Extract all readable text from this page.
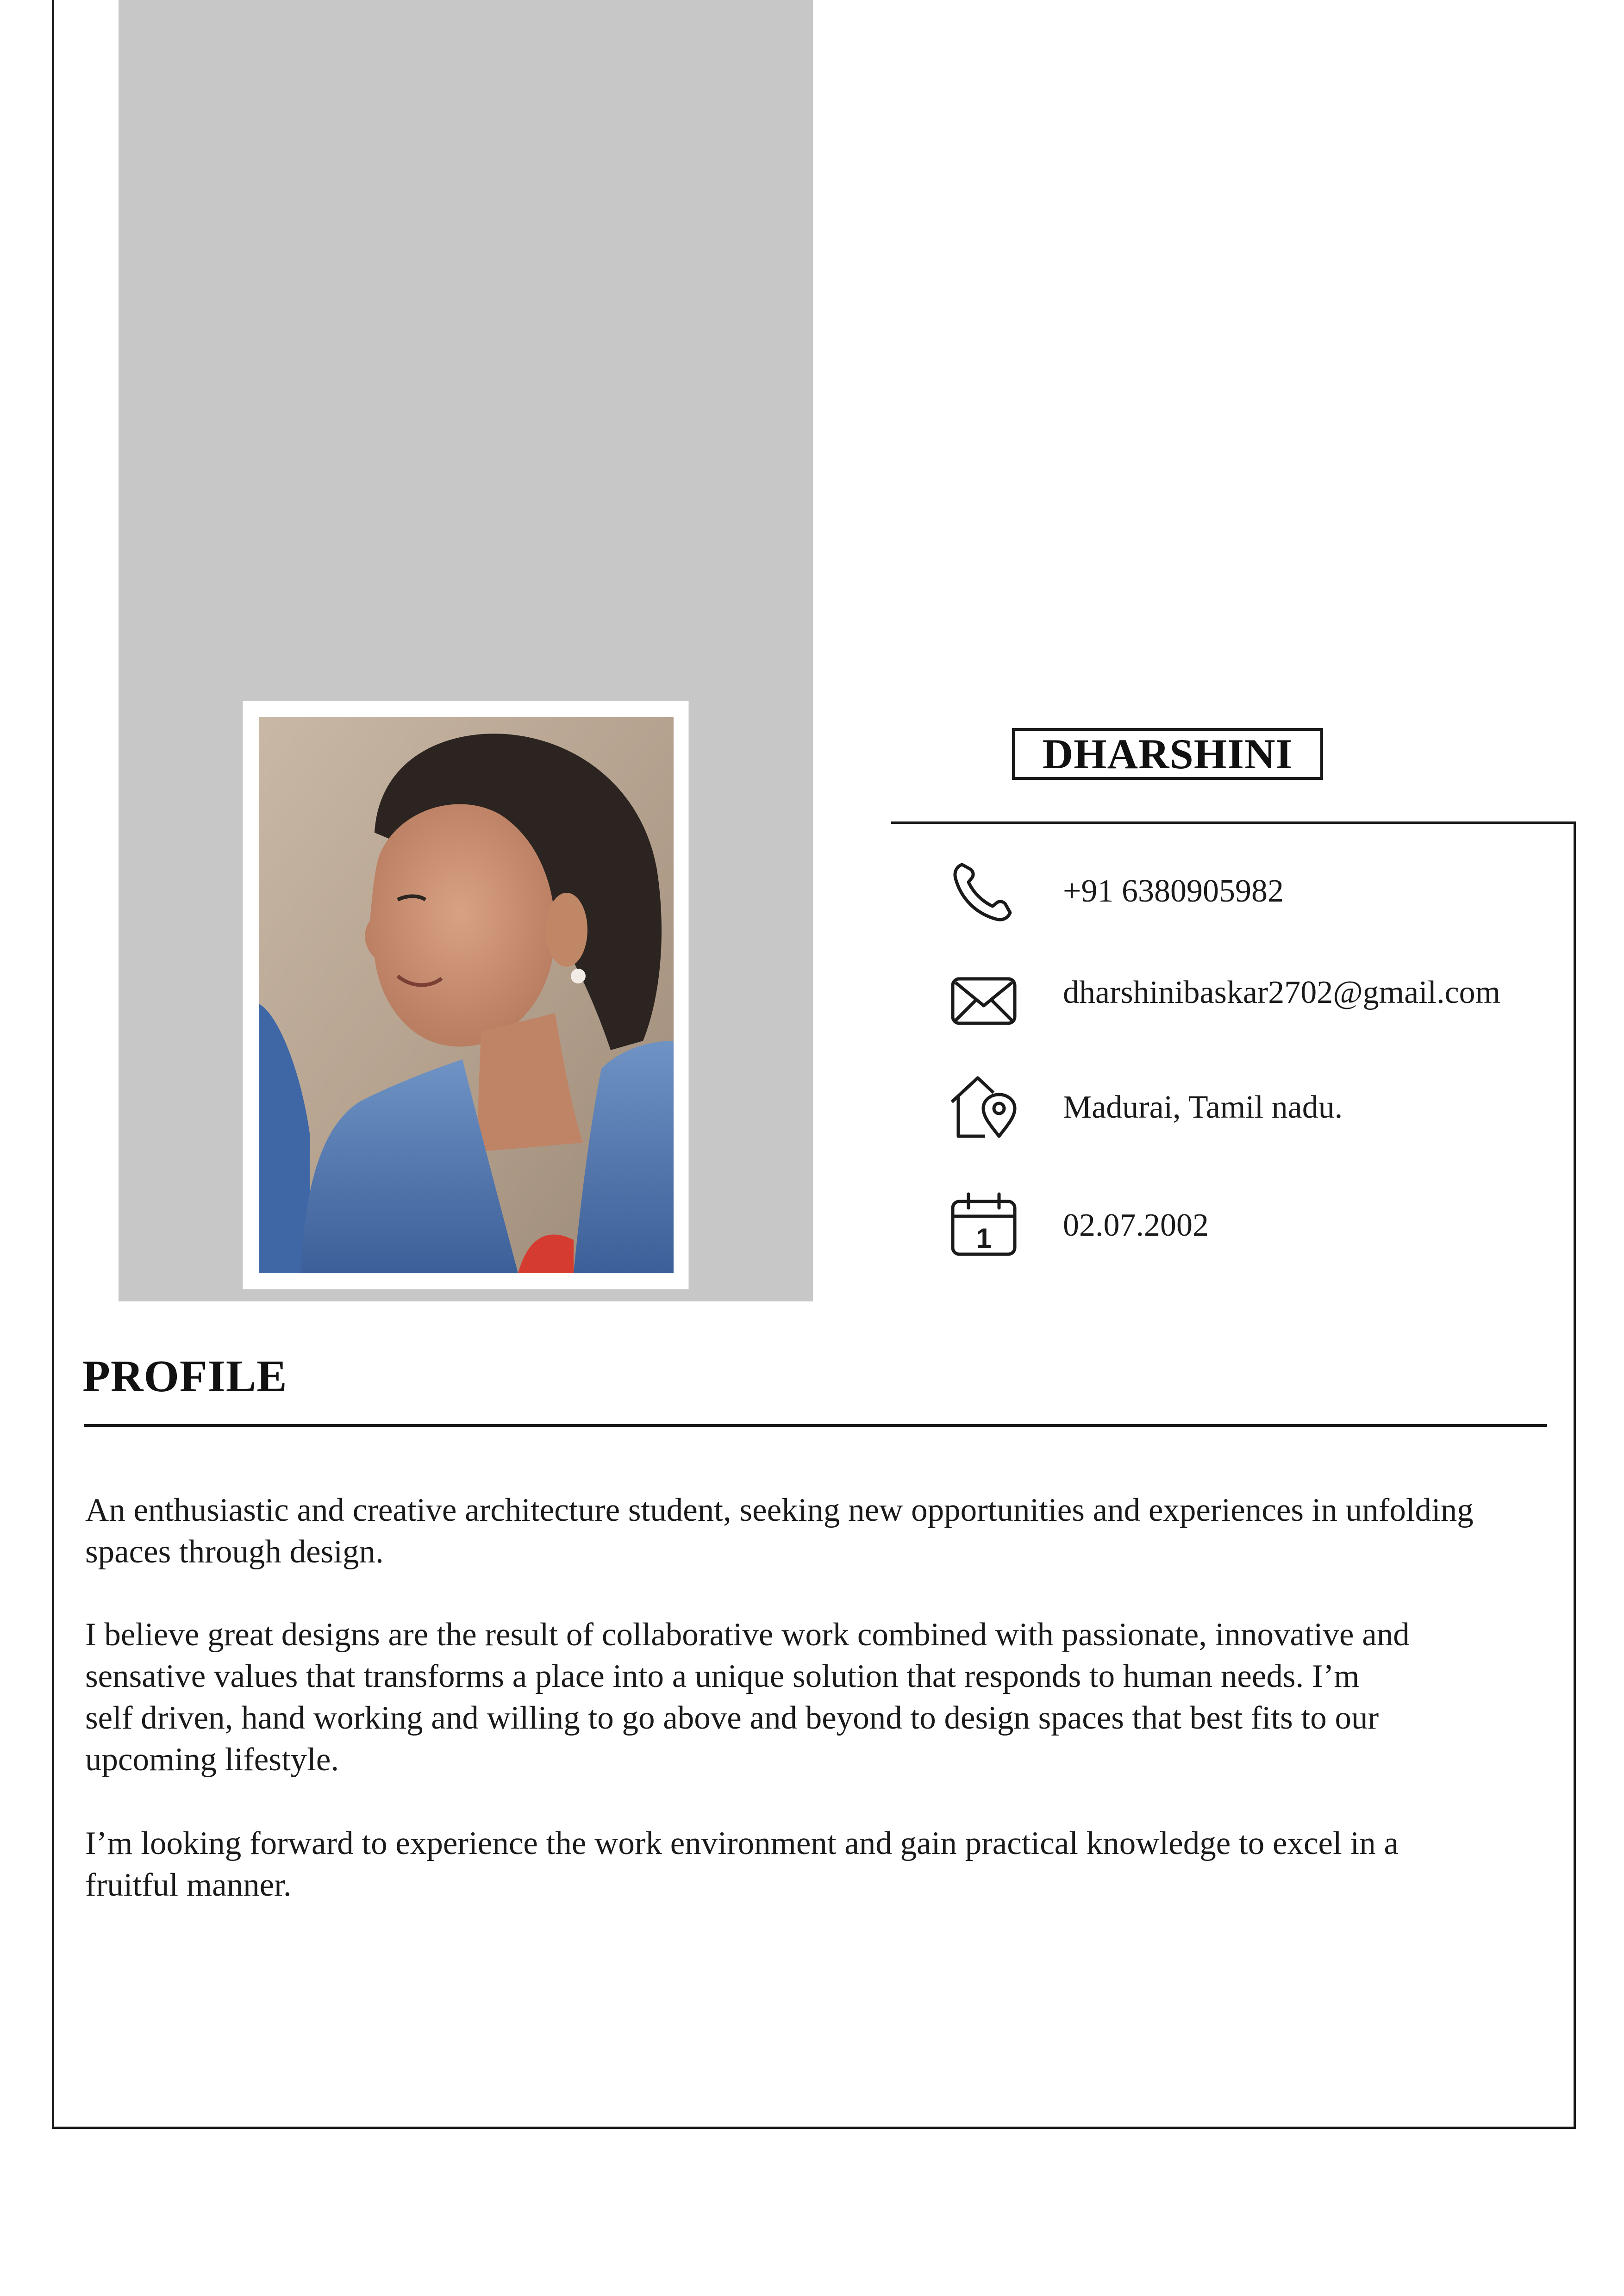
DHARSHINI
+91 6380905982
dharshinibaskar2702@gmail.com
Madurai, Tamil nadu.
1 02.07.2002
PROFILE
An enthusiastic and creative architecture student, seeking new opportunities and experiences in unfolding
spaces through design.
I believe great designs are the result of collaborative work combined with passionate, innovative and
sensative values that transforms a place into a unique solution that responds to human needs. I’m
self driven, hand working and willing to go above and beyond to design spaces that best fits to our
upcoming lifestyle.
I’m looking forward to experience the work environment and gain practical knowledge to excel in a
fruitful manner.
